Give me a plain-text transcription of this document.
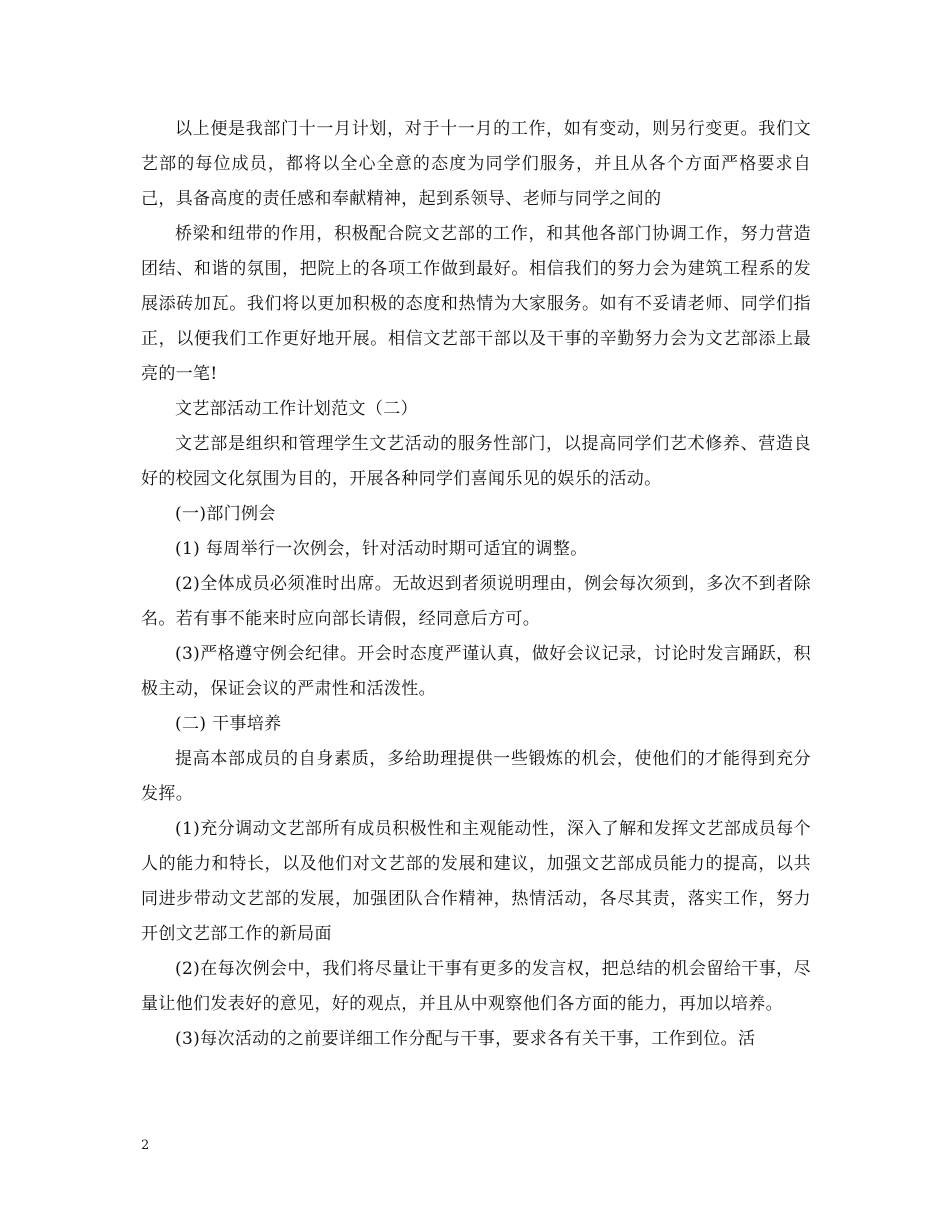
以上便是我部门十一月计划，对于十一月的工作，如有变动，则另行变更。我们文艺部的每位成员，都将以全心全意的态度为同学们服务，并且从各个方面严格要求自己，具备高度的责任感和奉献精神，起到系领导、老师与同学之间的

桥梁和纽带的作用，积极配合院文艺部的工作，和其他各部门协调工作，努力营造团结、和谐的氛围，把院上的各项工作做到最好。相信我们的努力会为建筑工程系的发展添砖加瓦。我们将以更加积极的态度和热情为大家服务。如有不妥请老师、同学们指正，以便我们工作更好地开展。相信文艺部干部以及干事的辛勤努力会为文艺部添上最亮的一笔!

文艺部活动工作计划范文（二）

文艺部是组织和管理学生文艺活动的服务性部门，以提高同学们艺术修养、营造良好的校园文化氛围为目的，开展各种同学们喜闻乐见的娱乐的活动。

(一)部门例会

(1) 每周举行一次例会，针对活动时期可适宜的调整。

(2)全体成员必须准时出席。无故迟到者须说明理由，例会每次须到，多次不到者除名。若有事不能来时应向部长请假，经同意后方可。

(3)严格遵守例会纪律。开会时态度严谨认真，做好会议记录，讨论时发言踊跃，积极主动，保证会议的严肃性和活泼性。

(二) 干事培养

提高本部成员的自身素质，多给助理提供一些锻炼的机会，使他们的才能得到充分发挥。

(1)充分调动文艺部所有成员积极性和主观能动性，深入了解和发挥文艺部成员每个人的能力和特长，以及他们对文艺部的发展和建议，加强文艺部成员能力的提高，以共同进步带动文艺部的发展，加强团队合作精神，热情活动，各尽其责，落实工作，努力开创文艺部工作的新局面

(2)在每次例会中，我们将尽量让干事有更多的发言权，把总结的机会留给干事，尽量让他们发表好的意见，好的观点，并且从中观察他们各方面的能力，再加以培养。

(3)每次活动的之前要详细工作分配与干事，要求各有关干事，工作到位。活

2
